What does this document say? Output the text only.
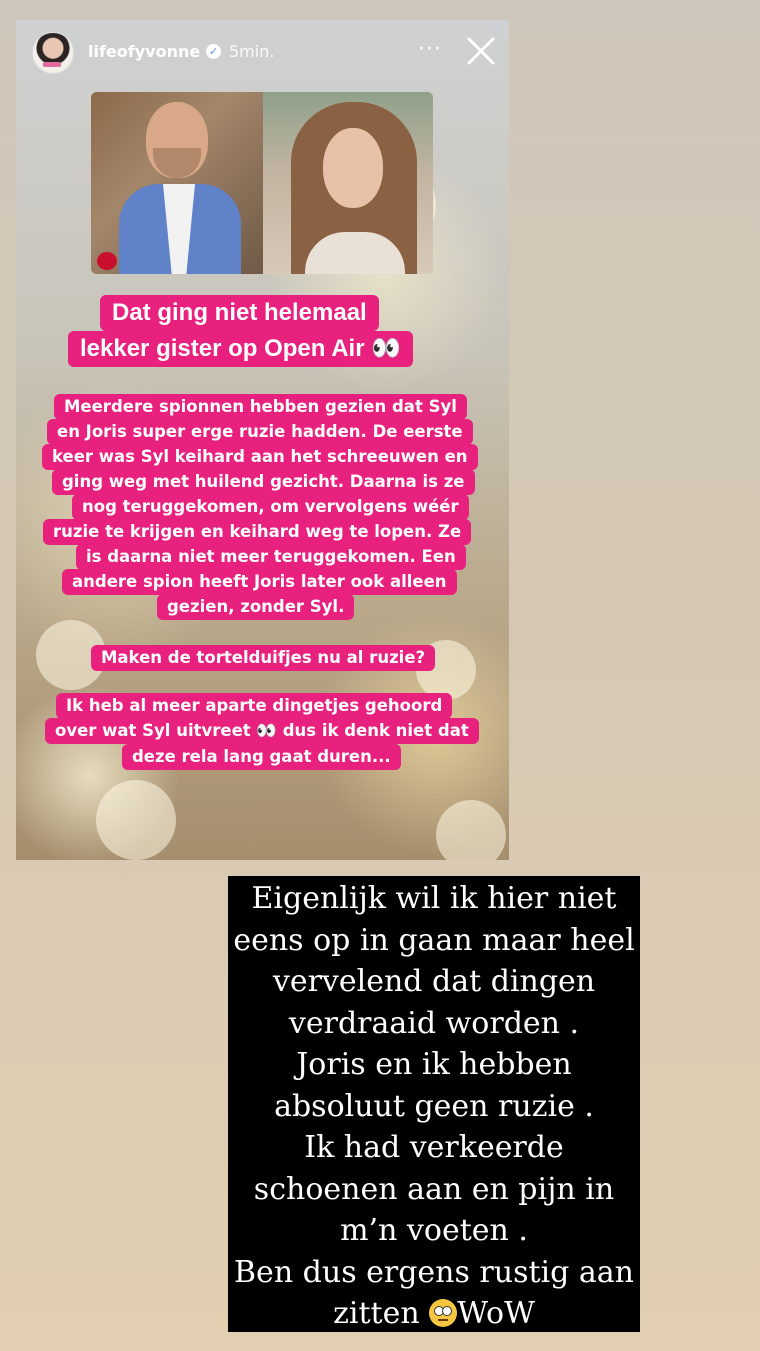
lifeofyvonne ✓ 5min.	···
Dat ging niet helemaal
lekker gister op Open Air 👀
Meerdere spionnen hebben gezien dat Syl
en Joris super erge ruzie hadden. De eerste
keer was Syl keihard aan het schreeuwen en
ging weg met huilend gezicht. Daarna is ze
nog teruggekomen, om vervolgens wéér
ruzie te krijgen en keihard weg te lopen. Ze
is daarna niet meer teruggekomen. Een
andere spion heeft Joris later ook alleen
gezien, zonder Syl.
Maken de tortelduifjes nu al ruzie?
Ik heb al meer aparte dingetjes gehoord
over wat Syl uitvreet 👀 dus ik denk niet dat
deze rela lang gaat duren...
Eigenlijk wil ik hier niet
eens op in gaan maar heel
vervelend dat dingen
verdraaid worden .
Joris en ik hebben
absoluut geen ruzie .
Ik had verkeerde
schoenen aan en pijn in
m’n voeten .
Ben dus ergens rustig aan
zitten
WoW
